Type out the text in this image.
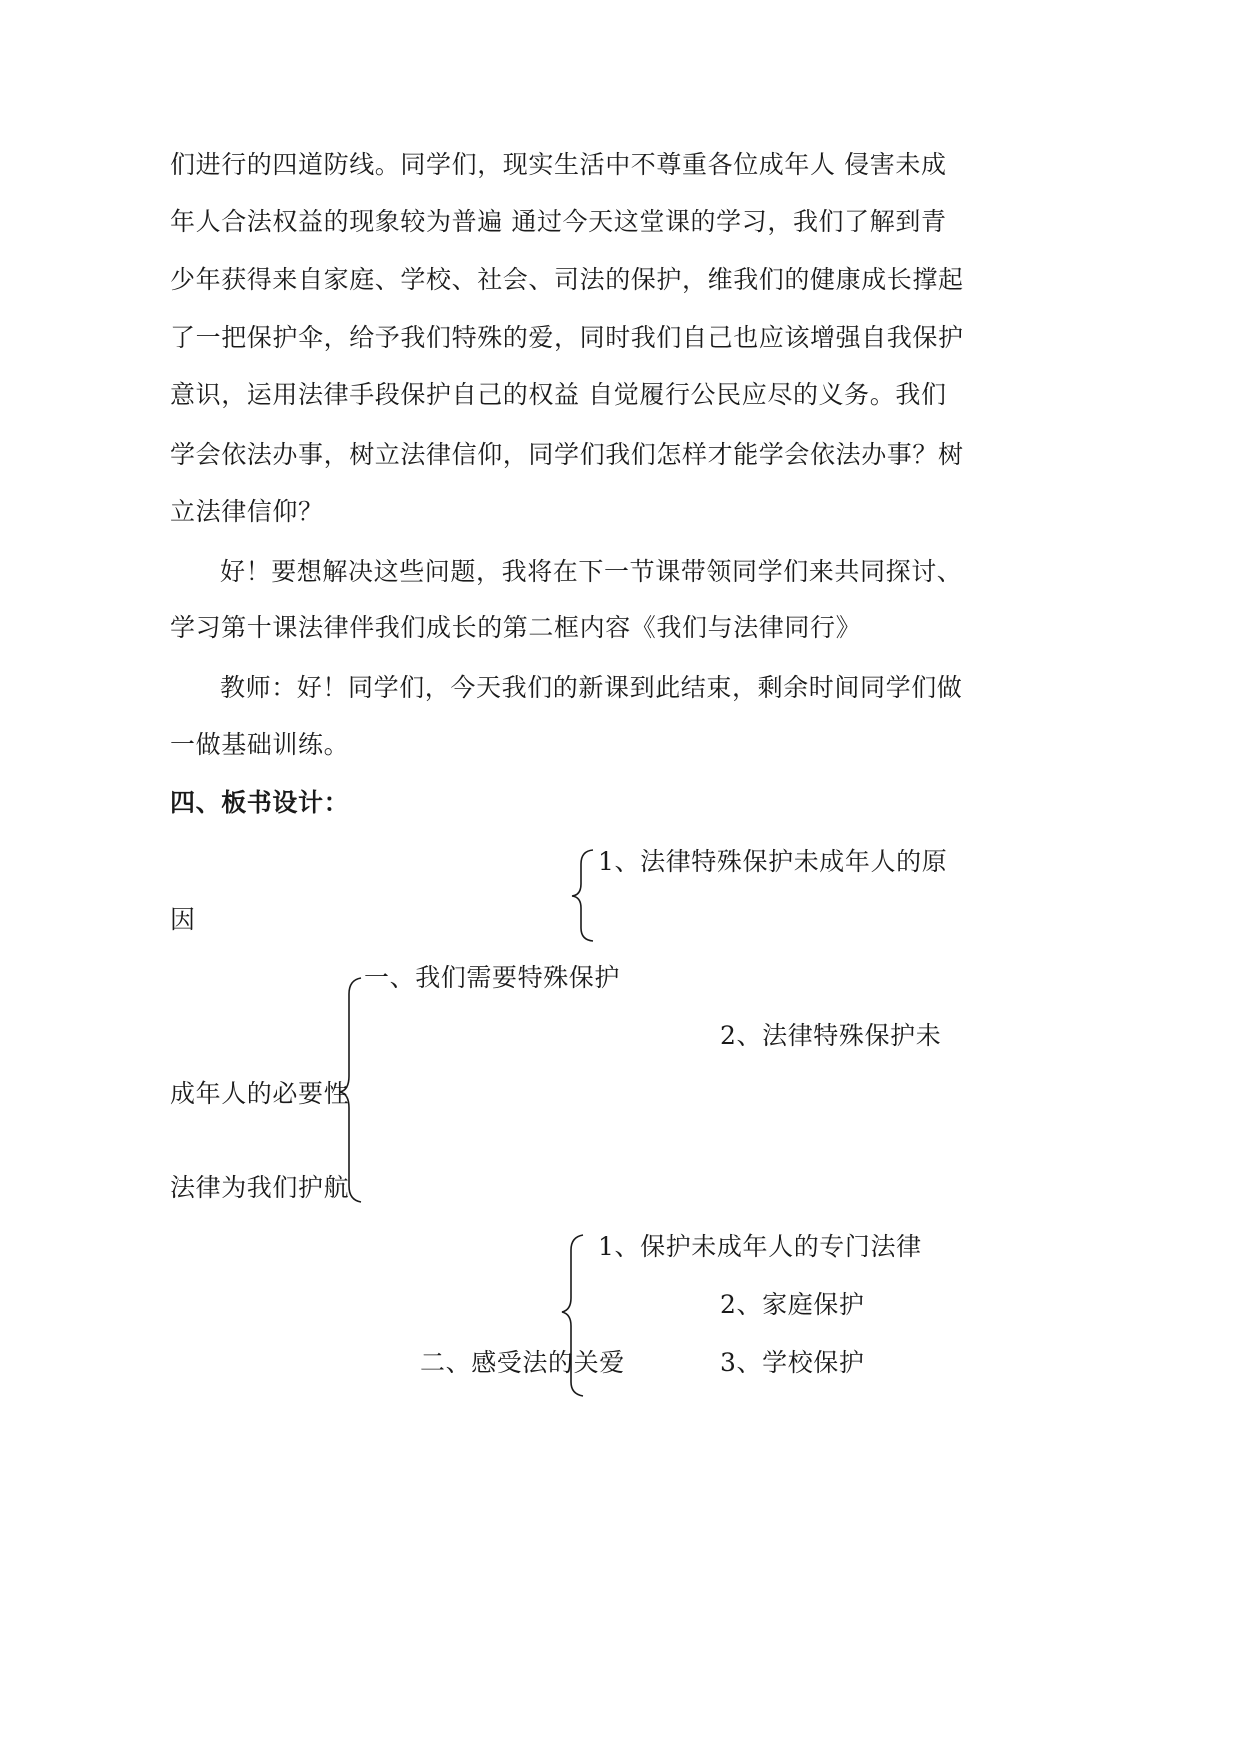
们进行的四道防线。同学们，现实生活中不尊重各位成年人 侵害未成
年人合法权益的现象较为普遍 通过今天这堂课的学习，我们了解到青
少年获得来自家庭、学校、社会、司法的保护，维我们的健康成长撑起
了一把保护伞，给予我们特殊的爱，同时我们自己也应该增强自我保护
意识，运用法律手段保护自己的权益 自觉履行公民应尽的义务。我们
学会依法办事，树立法律信仰，同学们我们怎样才能学会依法办事？树
立法律信仰？
好！要想解决这些问题，我将在下一节课带领同学们来共同探讨、
学习第十课法律伴我们成长的第二框内容《我们与法律同行》
教师：好！同学们，今天我们的新课到此结束，剩余时间同学们做
一做基础训练。
四、板书设计：
1、法律特殊保护未成年人的原
因
一、我们需要特殊保护
2、法律特殊保护未
成年人的必要性
法律为我们护航
1、保护未成年人的专门法律
2、家庭保护
二、感受法的关爱	3、学校保护
